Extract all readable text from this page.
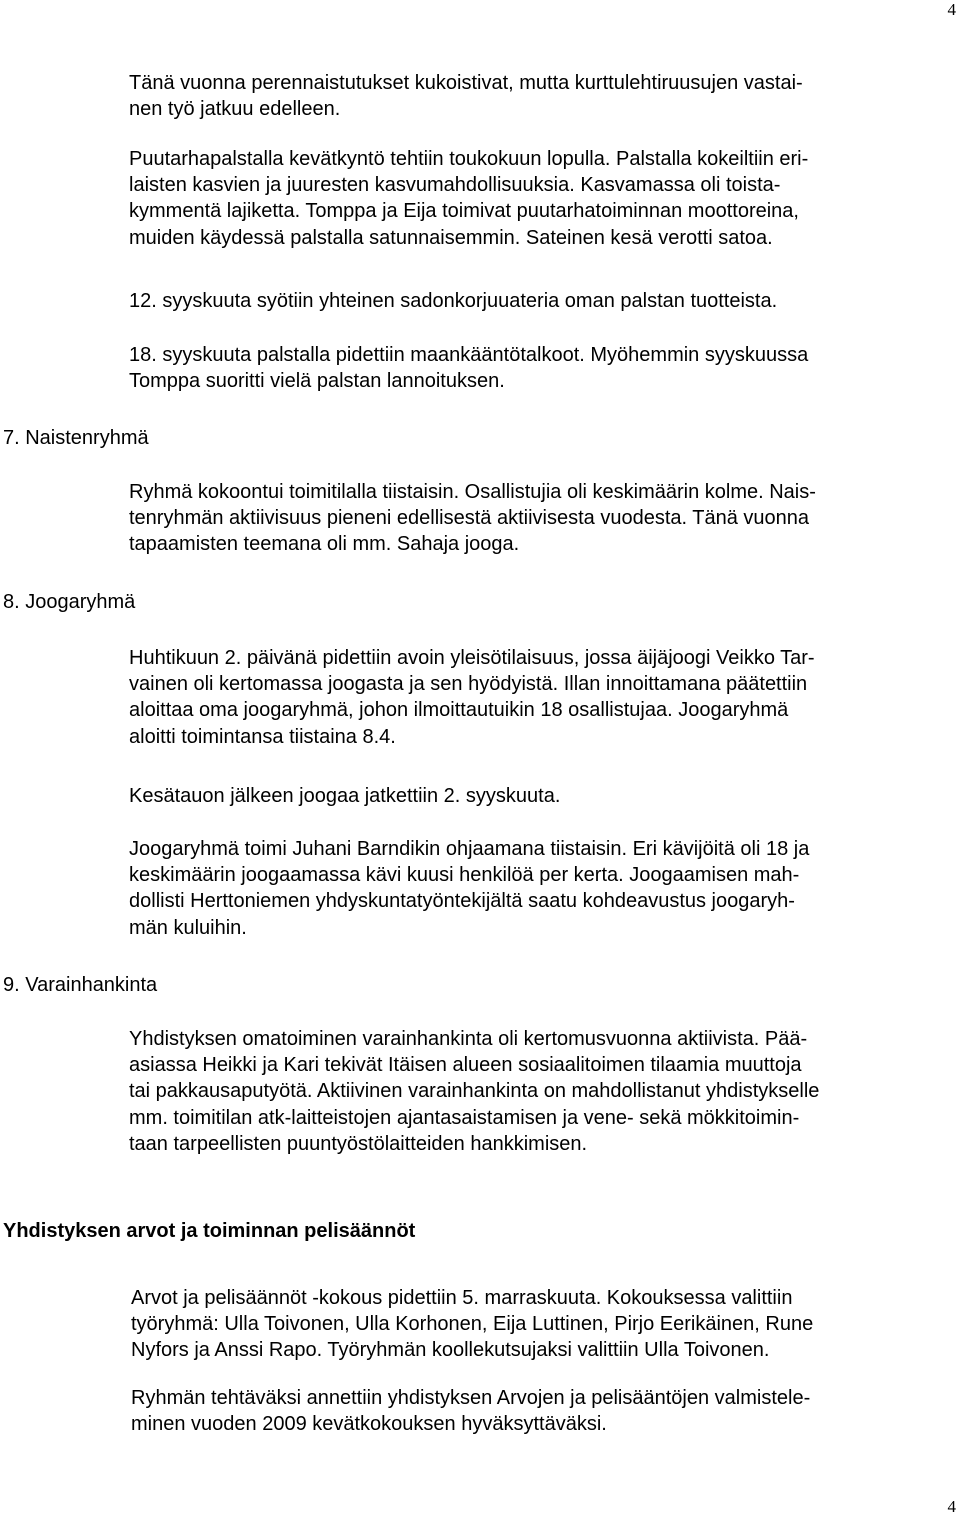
4
Tänä vuonna perennaistutukset kukoistivat, mutta kurttulehtiruusujen vastai-
nen työ jatkuu edelleen.
Puutarhapalstalla kevätkyntö tehtiin toukokuun lopulla. Palstalla kokeiltiin eri-
laisten kasvien ja juuresten kasvumahdollisuuksia. Kasvamassa oli toista-
kymmentä lajiketta. Tomppa ja Eija toimivat puutarhatoiminnan moottoreina,
muiden käydessä palstalla satunnaisemmin. Sateinen kesä verotti satoa.
12. syyskuuta syötiin yhteinen sadonkorjuuateria oman palstan tuotteista.
18. syyskuuta palstalla pidettiin maankääntötalkoot. Myöhemmin syyskuussa
Tomppa suoritti vielä palstan lannoituksen.
7. Naistenryhmä
Ryhmä kokoontui toimitilalla tiistaisin. Osallistujia oli keskimäärin kolme. Nais-
tenryhmän aktiivisuus pieneni edellisestä aktiivisesta vuodesta. Tänä vuonna
tapaamisten teemana oli mm. Sahaja jooga.
8. Joogaryhmä
Huhtikuun 2. päivänä pidettiin avoin yleisötilaisuus, jossa äijäjoogi Veikko Tar-
vainen oli kertomassa joogasta ja sen hyödyistä. Illan innoittamana päätettiin
aloittaa oma joogaryhmä, johon ilmoittautuikin 18 osallistujaa. Joogaryhmä
aloitti toimintansa tiistaina 8.4.
Kesätauon jälkeen joogaa jatkettiin 2. syyskuuta.
Joogaryhmä toimi Juhani Barndikin ohjaamana tiistaisin. Eri kävijöitä oli 18 ja
keskimäärin joogaamassa kävi kuusi henkilöä per kerta. Joogaamisen mah-
dollisti Herttoniemen yhdyskuntatyöntekijältä saatu kohdeavustus joogaryh-
män kuluihin.
9. Varainhankinta
Yhdistyksen omatoiminen varainhankinta oli kertomusvuonna aktiivista. Pää-
asiassa Heikki ja Kari tekivät Itäisen alueen sosiaalitoimen tilaamia muuttoja
tai pakkausaputyötä. Aktiivinen varainhankinta on mahdollistanut yhdistykselle
mm. toimitilan atk-laitteistojen ajantasaistamisen ja vene- sekä mökkitoimin-
taan tarpeellisten puuntyöstölaitteiden hankkimisen.
Yhdistyksen arvot ja toiminnan pelisäännöt
Arvot ja pelisäännöt -kokous pidettiin 5. marraskuuta. Kokouksessa valittiin
työryhmä: Ulla Toivonen, Ulla Korhonen, Eija Luttinen, Pirjo Eerikäinen, Rune
Nyfors ja Anssi Rapo. Työryhmän koollekutsujaksi valittiin Ulla Toivonen.
Ryhmän tehtäväksi annettiin yhdistyksen Arvojen ja pelisääntöjen valmistele-
minen vuoden 2009 kevätkokouksen hyväksyttäväksi.
4
